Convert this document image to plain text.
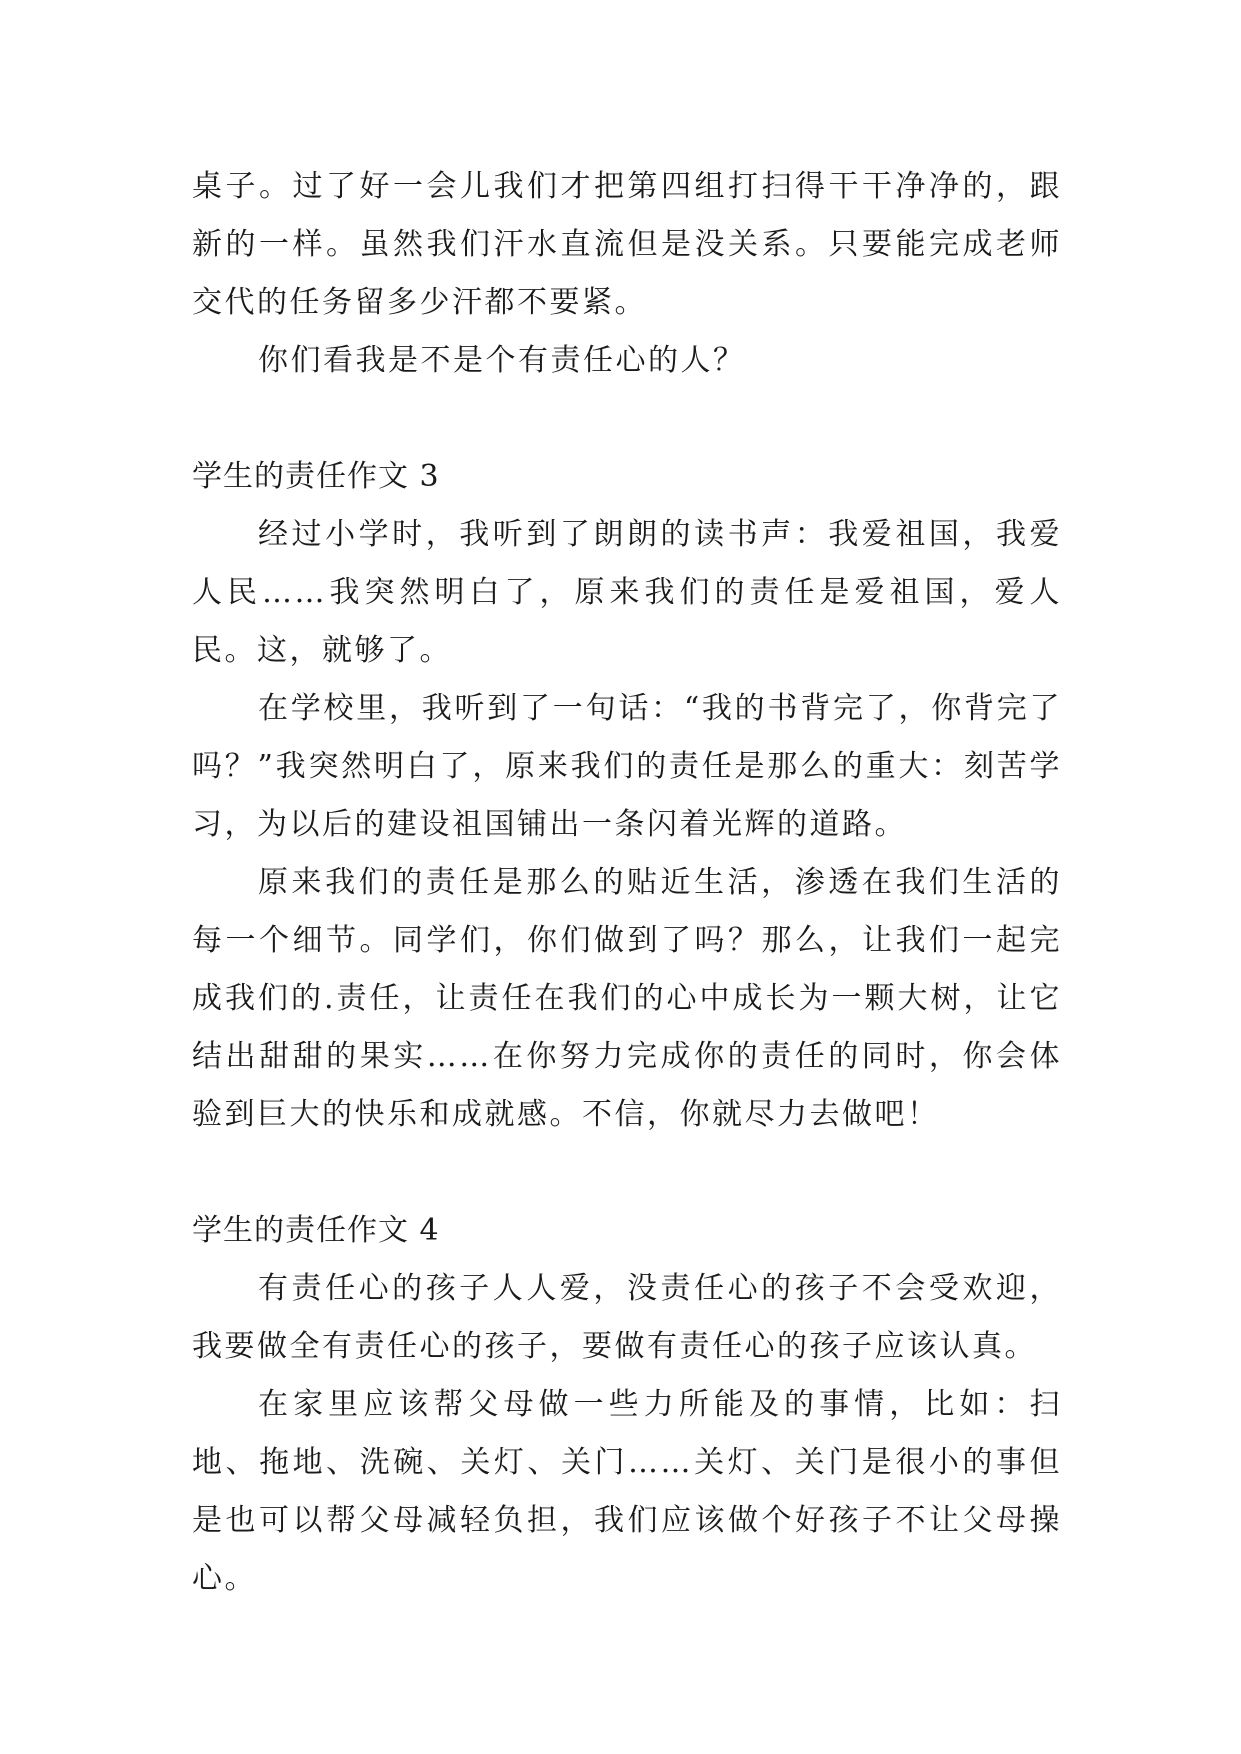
桌子。过了好一会儿我们才把第四组打扫得干干净净的，跟新的一样。虽然我们汗水直流但是没关系。只要能完成老师交代的任务留多少汗都不要紧。

你们看我是不是个有责任心的人？

学生的责任作文 3

经过小学时，我听到了朗朗的读书声：我爱祖国，我爱人民……我突然明白了，原来我们的责任是爱祖国，爱人民。这，就够了。

在学校里，我听到了一句话：“我的书背完了，你背完了吗？”我突然明白了，原来我们的责任是那么的重大：刻苦学习，为以后的建设祖国铺出一条闪着光辉的道路。

原来我们的责任是那么的贴近生活，渗透在我们生活的每一个细节。同学们，你们做到了吗？那么，让我们一起完成我们的.责任，让责任在我们的心中成长为一颗大树，让它结出甜甜的果实……在你努力完成你的责任的同时，你会体验到巨大的快乐和成就感。不信，你就尽力去做吧！

学生的责任作文 4

有责任心的孩子人人爱，没责任心的孩子不会受欢迎，我要做全有责任心的孩子，要做有责任心的孩子应该认真。

在家里应该帮父母做一些力所能及的事情，比如：扫地、拖地、洗碗、关灯、关门……关灯、关门是很小的事但是也可以帮父母减轻负担，我们应该做个好孩子不让父母操心。
